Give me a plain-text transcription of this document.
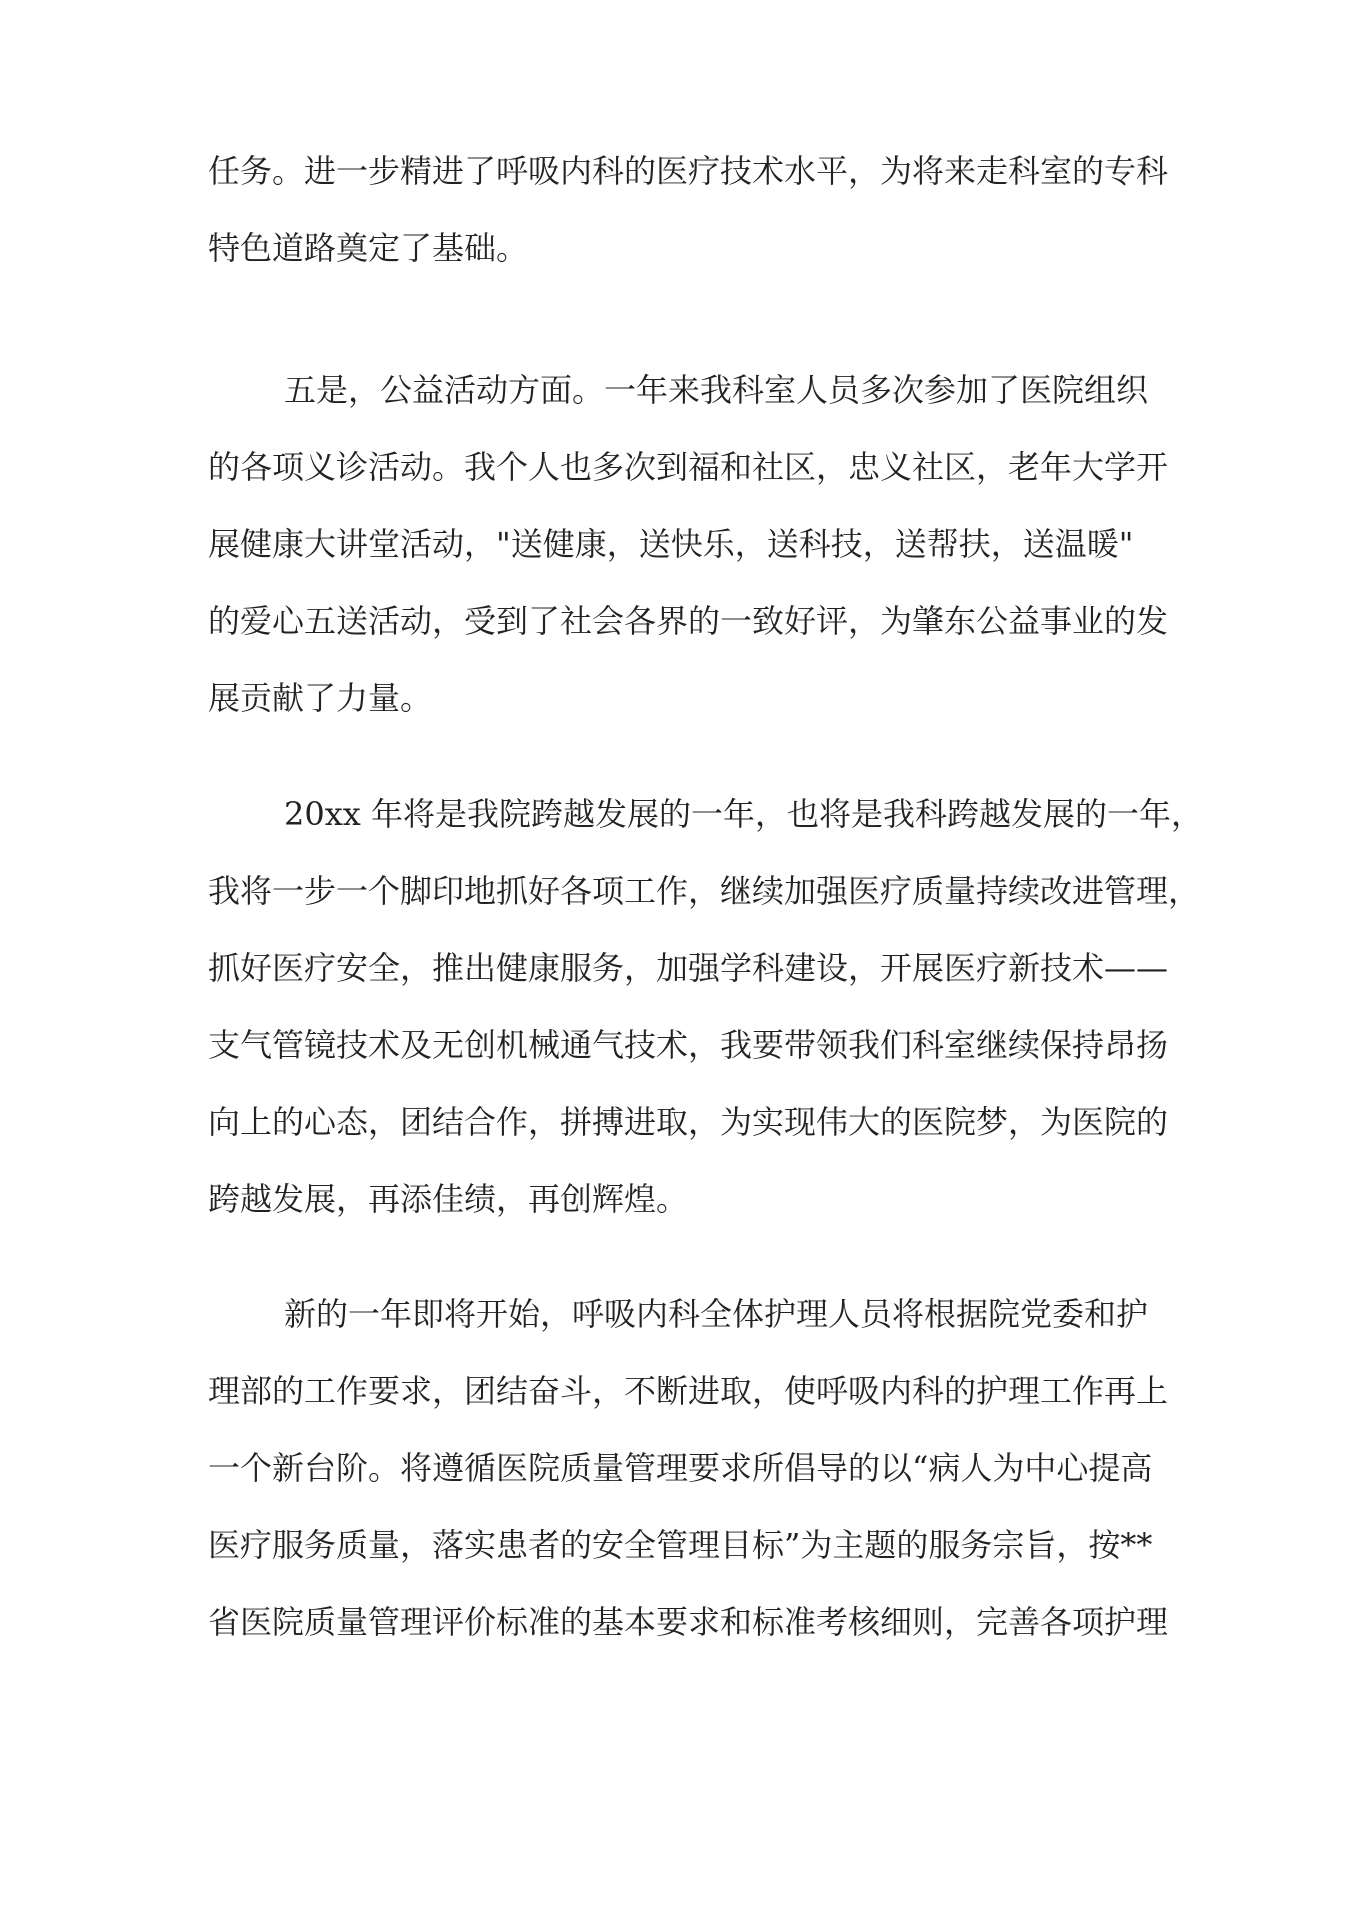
任务。进一步精进了呼吸内科的医疗技术水平，为将来走科室的专科
特色道路奠定了基础。
五是，公益活动方面。一年来我科室人员多次参加了医院组织
的各项义诊活动。我个人也多次到福和社区，忠义社区，老年大学开
展健康大讲堂活动，"送健康，送快乐，送科技，送帮扶，送温暖"
的爱心五送活动，受到了社会各界的一致好评，为肇东公益事业的发
展贡献了力量。
20xx 年将是我院跨越发展的一年，也将是我科跨越发展的一年，
我将一步一个脚印地抓好各项工作，继续加强医疗质量持续改进管理，
抓好医疗安全，推出健康服务，加强学科建设，开展医疗新技术——
支气管镜技术及无创机械通气技术，我要带领我们科室继续保持昂扬
向上的心态，团结合作，拼搏进取，为实现伟大的医院梦，为医院的
跨越发展，再添佳绩，再创辉煌。
新的一年即将开始，呼吸内科全体护理人员将根据院党委和护
理部的工作要求，团结奋斗，不断进取，使呼吸内科的护理工作再上
一个新台阶。将遵循医院质量管理要求所倡导的以“病人为中心提高
医疗服务质量，落实患者的安全管理目标”为主题的服务宗旨，按**
省医院质量管理评价标准的基本要求和标准考核细则，完善各项护理
